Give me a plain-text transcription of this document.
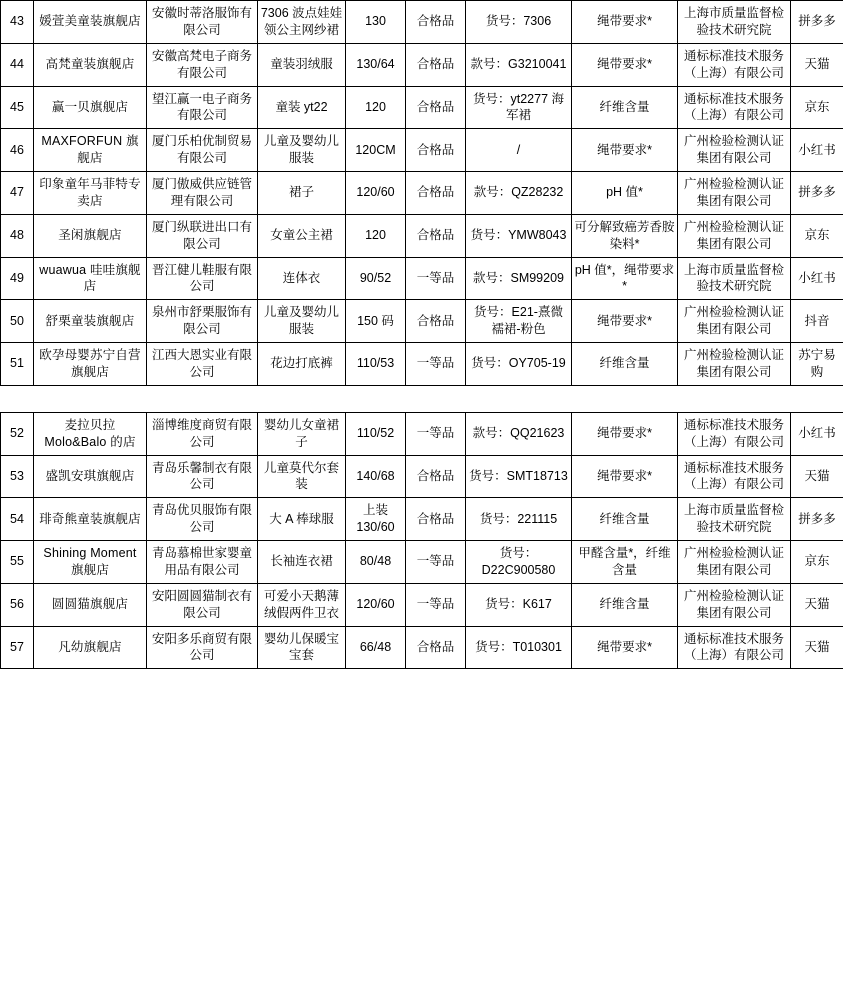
43	媛萱美童装旗舰店	安徽时蒂洛服饰有限公司	7306 波点娃娃领公主网纱裙	130	合格品	货号：7306	绳带要求*	上海市质量监督检验技术研究院	拼多多
44	高梵童装旗舰店	安徽高梵电子商务有限公司	童装羽绒服	130/64	合格品	款号：G3210041	绳带要求*	通标标准技术服务（上海）有限公司	天猫
45	赢一贝旗舰店	望江赢一电子商务有限公司	童装 yt22	120	合格品	货号：yt2277 海军裙	纤维含量	通标标准技术服务（上海）有限公司	京东
46	MAXFORFUN 旗舰店	厦门乐柏优制贸易有限公司	儿童及婴幼儿服装	120CM	合格品	/	绳带要求*	广州检验检测认证集团有限公司	小红书
47	印象童年马菲特专卖店	厦门傲威供应链管理有限公司	裙子	120/60	合格品	款号：QZ28232	pH 值*	广州检验检测认证集团有限公司	拼多多
48	圣闲旗舰店	厦门纵联进出口有限公司	女童公主裙	120	合格品	货号：YMW8043	可分解致癌芳香胺染料*	广州检验检测认证集团有限公司	京东
49	wuawua 哇哇旗舰店	晋江健儿鞋服有限公司	连体衣	90/52	一等品	款号：SM99209	pH 值*，绳带要求*	上海市质量监督检验技术研究院	小红书
50	舒栗童装旗舰店	泉州市舒栗服饰有限公司	儿童及婴幼儿服装	150 码	合格品	货号：E21-熹微襦裙-粉色	绳带要求*	广州检验检测认证集团有限公司	抖音
51	欧孕母婴苏宁自营旗舰店	江西大恩实业有限公司	花边打底裤	110/53	一等品	货号：OY705-19	纤维含量	广州检验检测认证集团有限公司	苏宁易购
52	麦拉贝拉 Molo&Balo 的店	淄博维度商贸有限公司	婴幼儿女童裙子	110/52	一等品	款号：QQ21623	绳带要求*	通标标准技术服务（上海）有限公司	小红书
53	盛凯安琪旗舰店	青岛乐馨制衣有限公司	儿童莫代尔套装	140/68	合格品	货号：SMT18713	绳带要求*	通标标准技术服务（上海）有限公司	天猫
54	琲奇熊童装旗舰店	青岛优贝服饰有限公司	大 A 棒球服	上装130/60	合格品	货号：221115	纤维含量	上海市质量监督检验技术研究院	拼多多
55	Shining Moment 旗舰店	青岛慕棉世家婴童用品有限公司	长袖连衣裙	80/48	一等品	货号：D22C900580	甲醛含量*，纤维含量	广州检验检测认证集团有限公司	京东
56	圆圆猫旗舰店	安阳圆圆猫制衣有限公司	可爱小天鹅薄绒假两件卫衣	120/60	一等品	货号：K617	纤维含量	广州检验检测认证集团有限公司	天猫
57	凡幼旗舰店	安阳多乐商贸有限公司	婴幼儿保暖宝宝套	66/48	合格品	货号：T010301	绳带要求*	通标标准技术服务（上海）有限公司	天猫
